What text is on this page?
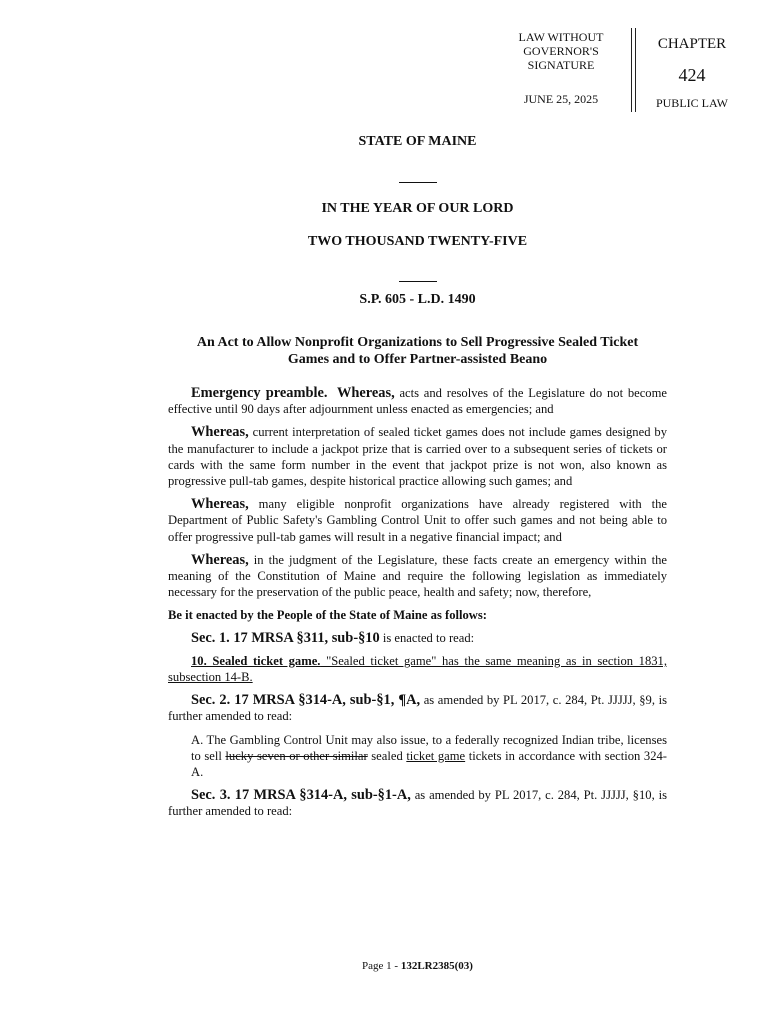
LAW WITHOUT
GOVERNOR'S
SIGNATURE
JUNE 25, 2025
CHAPTER
424
PUBLIC LAW
STATE OF MAINE
IN THE YEAR OF OUR LORD
TWO THOUSAND TWENTY-FIVE
S.P. 605 - L.D. 1490
An Act to Allow Nonprofit Organizations to Sell Progressive Sealed Ticket
Games and to Offer Partner-assisted Beano

Emergency preamble. Whereas, acts and resolves of the Legislature do not become effective until 90 days after adjournment unless enacted as emergencies; and

Whereas, current interpretation of sealed ticket games does not include games designed by the manufacturer to include a jackpot prize that is carried over to a subsequent series of tickets or cards with the same form number in the event that jackpot prize is not won, also known as progressive pull-tab games, despite historical practice allowing such games; and

Whereas, many eligible nonprofit organizations have already registered with the Department of Public Safety's Gambling Control Unit to offer such games and not being able to offer progressive pull-tab games will result in a negative financial impact; and

Whereas, in the judgment of the Legislature, these facts create an emergency within the meaning of the Constitution of Maine and require the following legislation as immediately necessary for the preservation of the public peace, health and safety; now, therefore,

Be it enacted by the People of the State of Maine as follows:

Sec. 1. 17 MRSA §311, sub-§10 is enacted to read:

10. Sealed ticket game. "Sealed ticket game" has the same meaning as in section 1831, subsection 14-B.

Sec. 2. 17 MRSA §314-A, sub-§1, ¶A, as amended by PL 2017, c. 284, Pt. JJJJJ, §9, is further amended to read:

A. The Gambling Control Unit may also issue, to a federally recognized Indian tribe, licenses to sell lucky seven or other similar sealed ticket game tickets in accordance with section 324-A.

Sec. 3. 17 MRSA §314-A, sub-§1-A, as amended by PL 2017, c. 284, Pt. JJJJJ, §10, is further amended to read:

Page 1 - 132LR2385(03)
